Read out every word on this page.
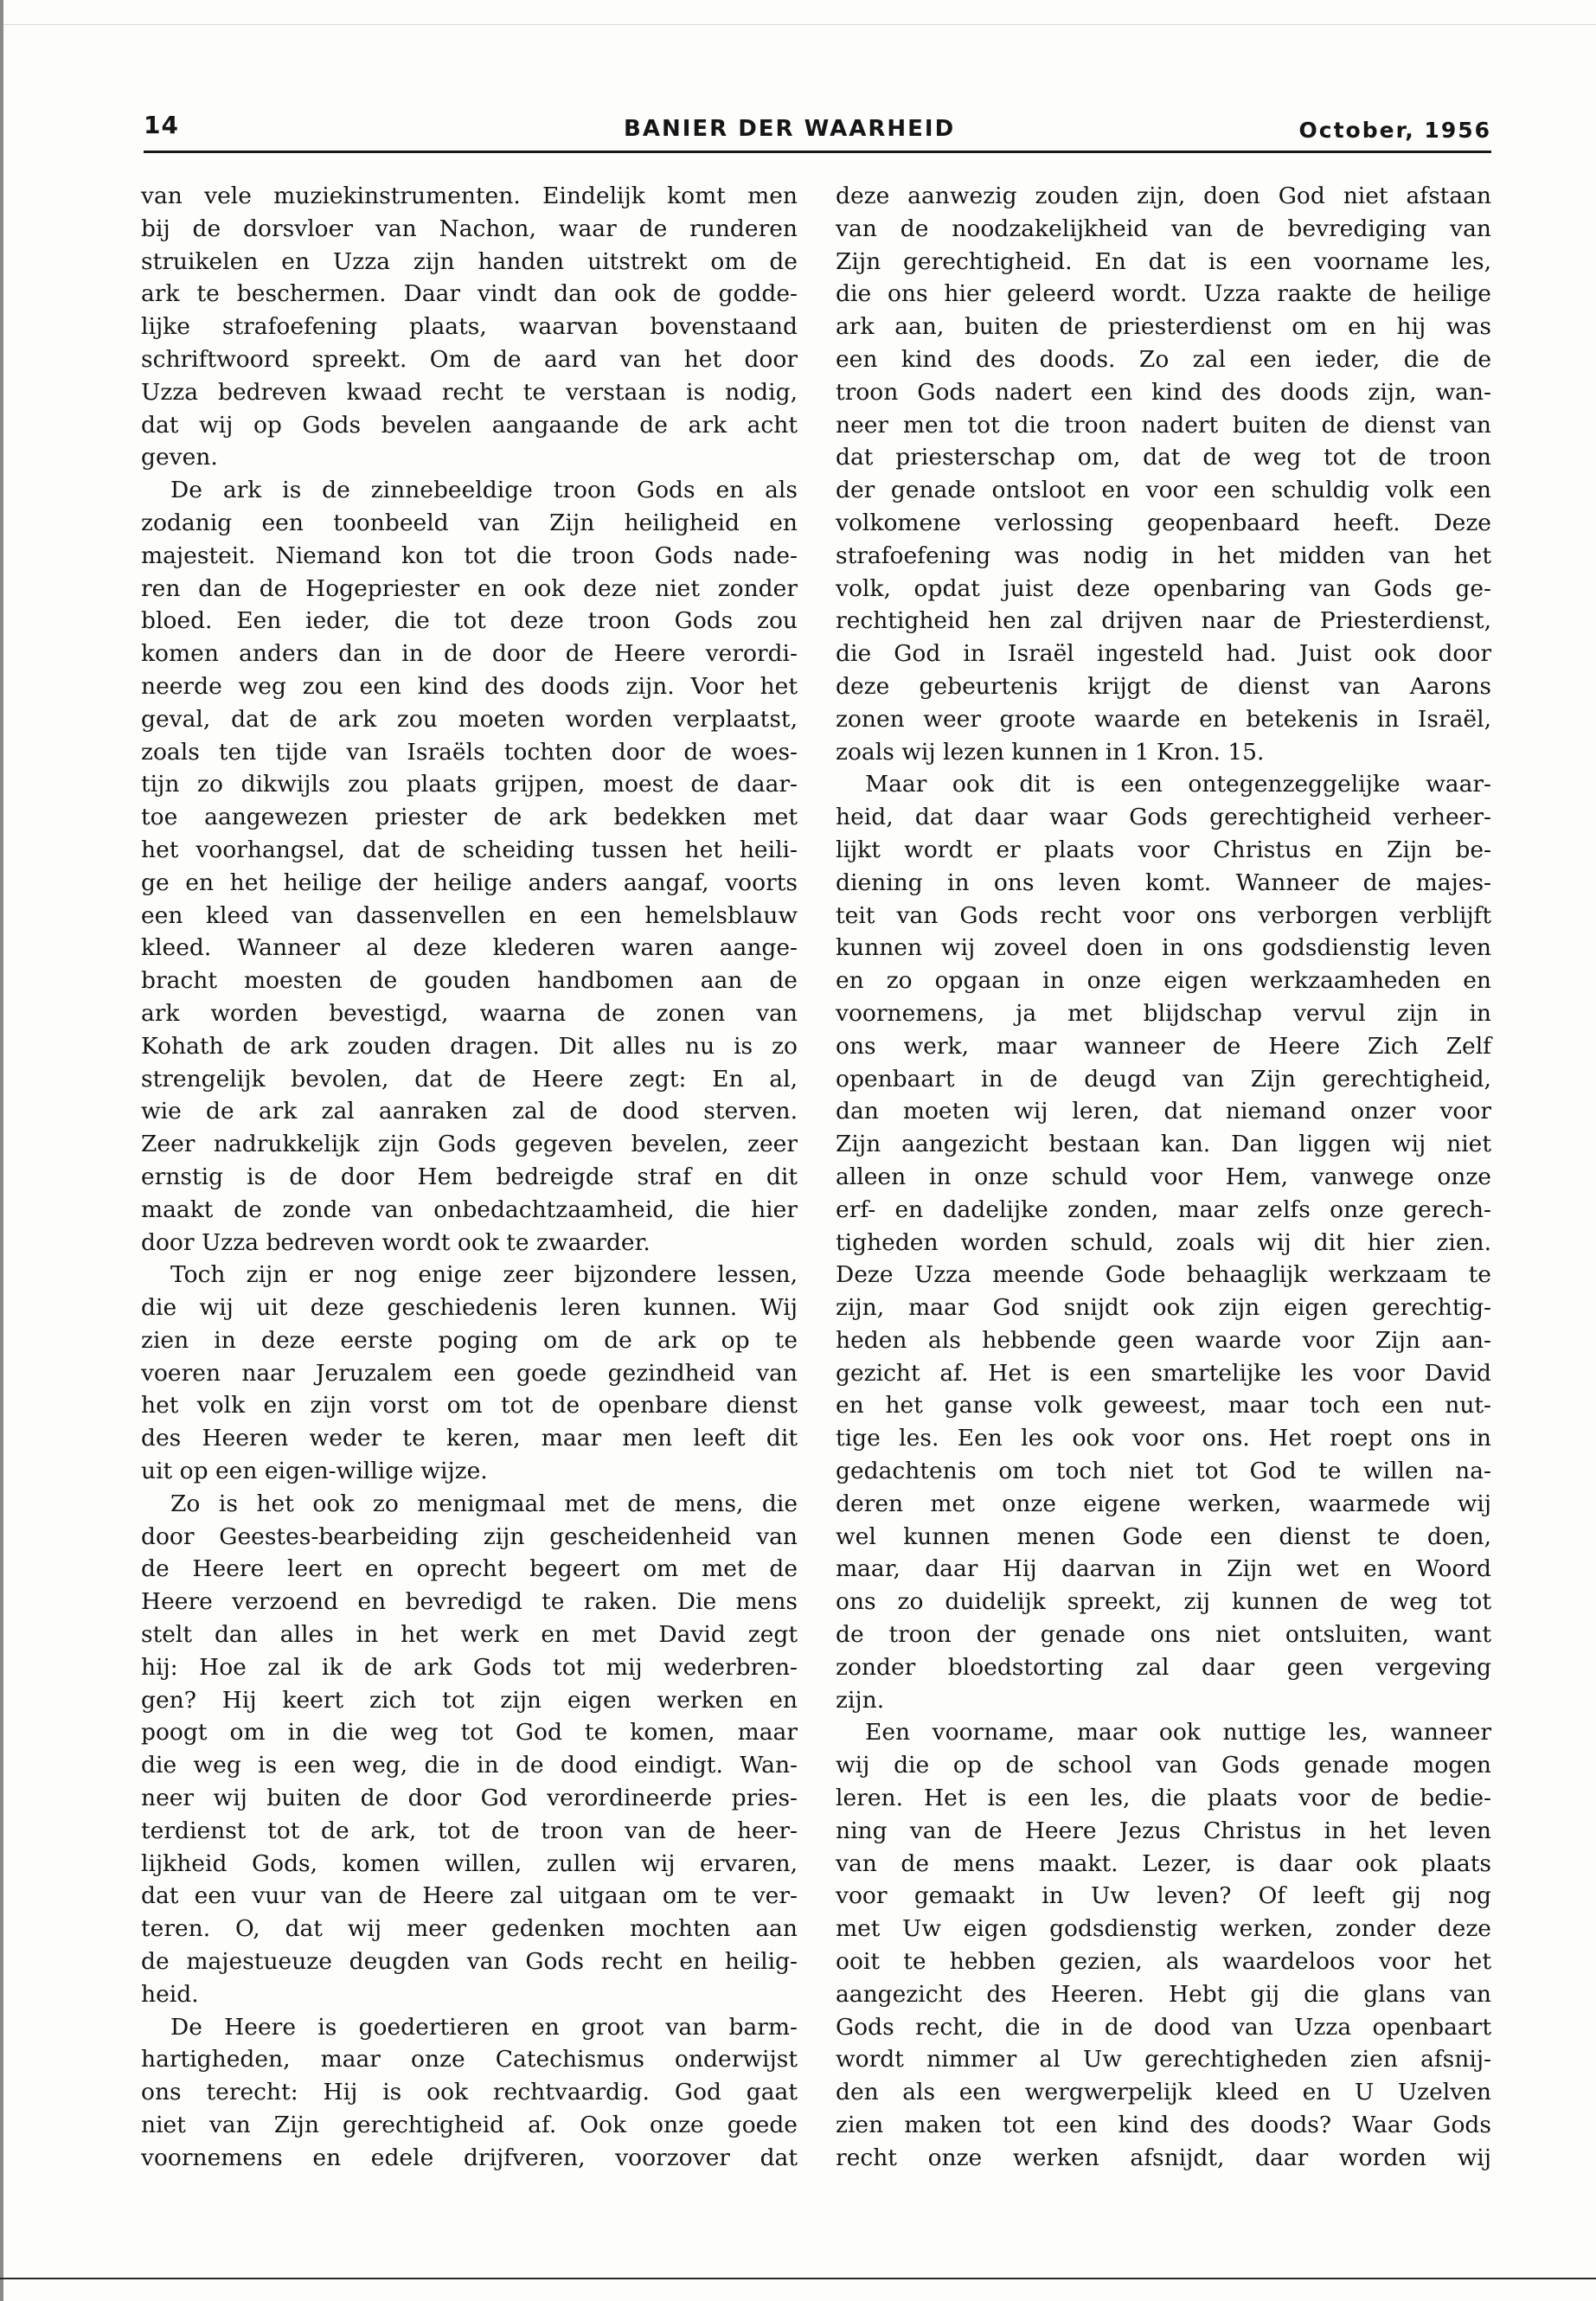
14	BANIER DER WAARHEID	October, 1956
van vele muziekinstrumenten. Eindelijk komt men
bij de dorsvloer van Nachon, waar de runderen
struikelen en Uzza zijn handen uitstrekt om de
ark te beschermen. Daar vindt dan ook de godde-
lijke strafoefening plaats, waarvan bovenstaand
schriftwoord spreekt. Om de aard van het door
Uzza bedreven kwaad recht te verstaan is nodig,
dat wij op Gods bevelen aangaande de ark acht
geven.
De ark is de zinnebeeldige troon Gods en als
zodanig een toonbeeld van Zijn heiligheid en
majesteit. Niemand kon tot die troon Gods nade-
ren dan de Hogepriester en ook deze niet zonder
bloed. Een ieder, die tot deze troon Gods zou
komen anders dan in de door de Heere verordi-
neerde weg zou een kind des doods zijn. Voor het
geval, dat de ark zou moeten worden verplaatst,
zoals ten tijde van Israëls tochten door de woes-
tijn zo dikwijls zou plaats grijpen, moest de daar-
toe aangewezen priester de ark bedekken met
het voorhangsel, dat de scheiding tussen het heili-
ge en het heilige der heilige anders aangaf, voorts
een kleed van dassenvellen en een hemelsblauw
kleed. Wanneer al deze klederen waren aange-
bracht moesten de gouden handbomen aan de
ark worden bevestigd, waarna de zonen van
Kohath de ark zouden dragen. Dit alles nu is zo
strengelijk bevolen, dat de Heere zegt: En al,
wie de ark zal aanraken zal de dood sterven.
Zeer nadrukkelijk zijn Gods gegeven bevelen, zeer
ernstig is de door Hem bedreigde straf en dit
maakt de zonde van onbedachtzaamheid, die hier
door Uzza bedreven wordt ook te zwaarder.
Toch zijn er nog enige zeer bijzondere lessen,
die wij uit deze geschiedenis leren kunnen. Wij
zien in deze eerste poging om de ark op te
voeren naar Jeruzalem een goede gezindheid van
het volk en zijn vorst om tot de openbare dienst
des Heeren weder te keren, maar men leeft dit
uit op een eigen-willige wijze.
Zo is het ook zo menigmaal met de mens, die
door Geestes-bearbeiding zijn gescheidenheid van
de Heere leert en oprecht begeert om met de
Heere verzoend en bevredigd te raken. Die mens
stelt dan alles in het werk en met David zegt
hij: Hoe zal ik de ark Gods tot mij wederbren-
gen? Hij keert zich tot zijn eigen werken en
poogt om in die weg tot God te komen, maar
die weg is een weg, die in de dood eindigt. Wan-
neer wij buiten de door God verordineerde pries-
terdienst tot de ark, tot de troon van de heer-
lijkheid Gods, komen willen, zullen wij ervaren,
dat een vuur van de Heere zal uitgaan om te ver-
teren. O, dat wij meer gedenken mochten aan
de majestueuze deugden van Gods recht en heilig-
heid.
De Heere is goedertieren en groot van barm-
hartigheden, maar onze Catechismus onderwijst
ons terecht: Hij is ook rechtvaardig. God gaat
niet van Zijn gerechtigheid af. Ook onze goede
voornemens en edele drijfveren, voorzover dat
deze aanwezig zouden zijn, doen God niet afstaan
van de noodzakelijkheid van de bevrediging van
Zijn gerechtigheid. En dat is een voorname les,
die ons hier geleerd wordt. Uzza raakte de heilige
ark aan, buiten de priesterdienst om en hij was
een kind des doods. Zo zal een ieder, die de
troon Gods nadert een kind des doods zijn, wan-
neer men tot die troon nadert buiten de dienst van
dat priesterschap om, dat de weg tot de troon
der genade ontsloot en voor een schuldig volk een
volkomene verlossing geopenbaard heeft. Deze
strafoefening was nodig in het midden van het
volk, opdat juist deze openbaring van Gods ge-
rechtigheid hen zal drijven naar de Priesterdienst,
die God in Israël ingesteld had. Juist ook door
deze gebeurtenis krijgt de dienst van Aarons
zonen weer groote waarde en betekenis in Israël,
zoals wij lezen kunnen in 1 Kron. 15.
Maar ook dit is een ontegenzeggelijke waar-
heid, dat daar waar Gods gerechtigheid verheer-
lijkt wordt er plaats voor Christus en Zijn be-
diening in ons leven komt. Wanneer de majes-
teit van Gods recht voor ons verborgen verblijft
kunnen wij zoveel doen in ons godsdienstig leven
en zo opgaan in onze eigen werkzaamheden en
voornemens, ja met blijdschap vervul zijn in
ons werk, maar wanneer de Heere Zich Zelf
openbaart in de deugd van Zijn gerechtigheid,
dan moeten wij leren, dat niemand onzer voor
Zijn aangezicht bestaan kan. Dan liggen wij niet
alleen in onze schuld voor Hem, vanwege onze
erf- en dadelijke zonden, maar zelfs onze gerech-
tigheden worden schuld, zoals wij dit hier zien.
Deze Uzza meende Gode behaaglijk werkzaam te
zijn, maar God snijdt ook zijn eigen gerechtig-
heden als hebbende geen waarde voor Zijn aan-
gezicht af. Het is een smartelijke les voor David
en het ganse volk geweest, maar toch een nut-
tige les. Een les ook voor ons. Het roept ons in
gedachtenis om toch niet tot God te willen na-
deren met onze eigene werken, waarmede wij
wel kunnen menen Gode een dienst te doen,
maar, daar Hij daarvan in Zijn wet en Woord
ons zo duidelijk spreekt, zij kunnen de weg tot
de troon der genade ons niet ontsluiten, want
zonder bloedstorting zal daar geen vergeving
zijn.
Een voorname, maar ook nuttige les, wanneer
wij die op de school van Gods genade mogen
leren. Het is een les, die plaats voor de bedie-
ning van de Heere Jezus Christus in het leven
van de mens maakt. Lezer, is daar ook plaats
voor gemaakt in Uw leven? Of leeft gij nog
met Uw eigen godsdienstig werken, zonder deze
ooit te hebben gezien, als waardeloos voor het
aangezicht des Heeren. Hebt gij die glans van
Gods recht, die in de dood van Uzza openbaart
wordt nimmer al Uw gerechtigheden zien afsnij-
den als een wergwerpelijk kleed en U Uzelven
zien maken tot een kind des doods? Waar Gods
recht onze werken afsnijdt, daar worden wij
